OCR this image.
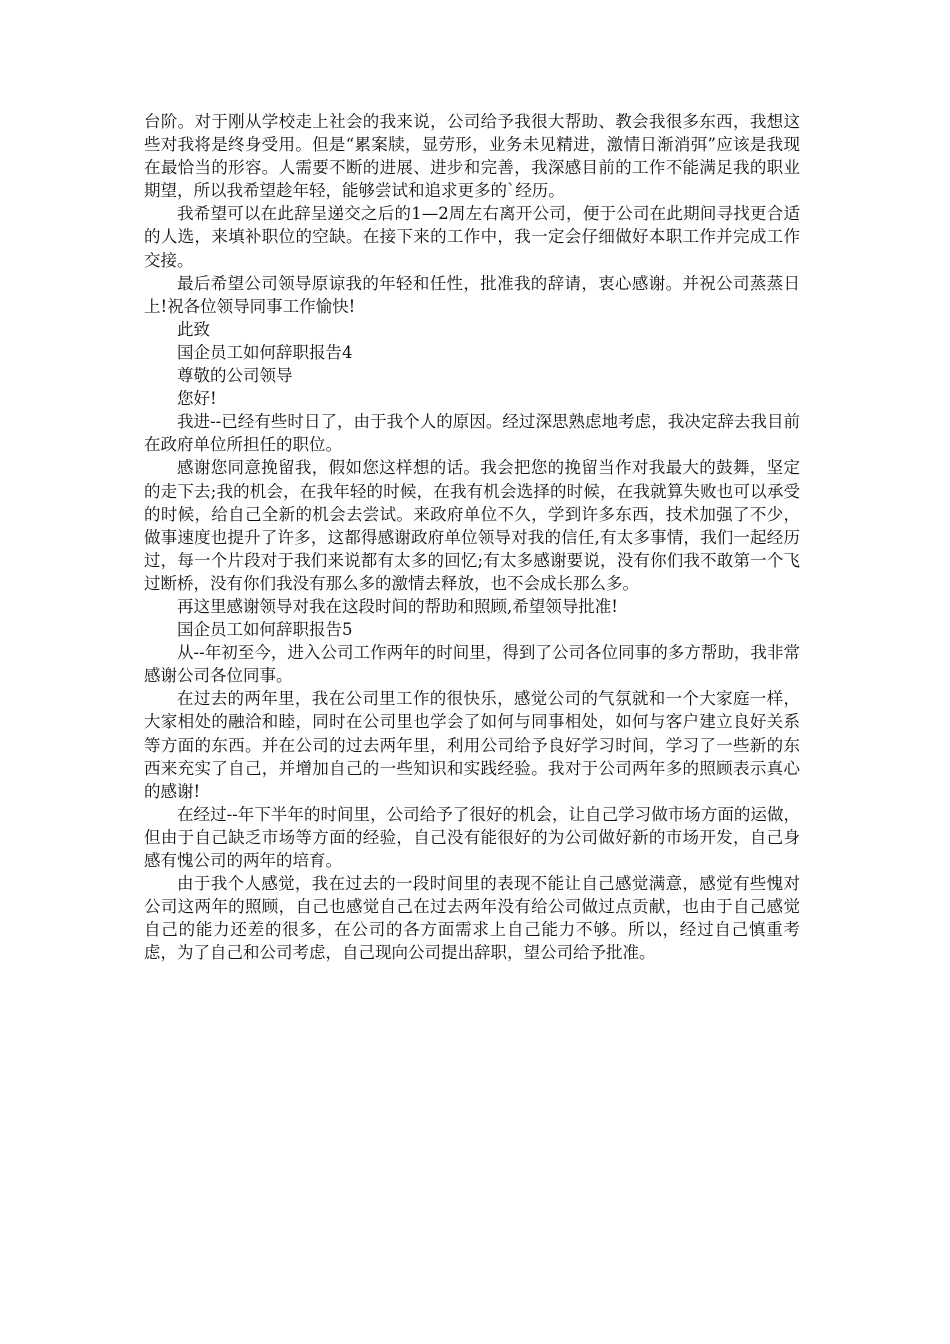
台阶。对于刚从学校走上社会的我来说，公司给予我很大帮助、教会我很多东西，我想这些对我将是终身受用。但是“累案牍，显劳形，业务未见精进，激情日渐消弭”应该是我现在最恰当的形容。人需要不断的进展、进步和完善，我深感目前的工作不能满足我的职业期望，所以我希望趁年轻，能够尝试和追求更多的`经历。

我希望可以在此辞呈递交之后的1—2周左右离开公司，便于公司在此期间寻找更合适的人选，来填补职位的空缺。在接下来的工作中，我一定会仔细做好本职工作并完成工作交接。

最后希望公司领导原谅我的年轻和任性，批准我的辞请，衷心感谢。并祝公司蒸蒸日上!祝各位领导同事工作愉快!

此致

国企员工如何辞职报告4

尊敬的公司领导

您好!

我进--已经有些时日了，由于我个人的原因。经过深思熟虑地考虑，我决定辞去我目前在政府单位所担任的职位。

感谢您同意挽留我，假如您这样想的话。我会把您的挽留当作对我最大的鼓舞，坚定的走下去;我的机会，在我年轻的时候，在我有机会选择的时候，在我就算失败也可以承受的时候，给自己全新的机会去尝试。来政府单位不久，学到许多东西，技术加强了不少，做事速度也提升了许多，这都得感谢政府单位领导对我的信任,有太多事情，我们一起经历过，每一个片段对于我们来说都有太多的回忆;有太多感谢要说，没有你们我不敢第一个飞过断桥，没有你们我没有那么多的激情去释放，也不会成长那么多。

再这里感谢领导对我在这段时间的帮助和照顾,希望领导批准!

国企员工如何辞职报告5

从--年初至今，进入公司工作两年的时间里，得到了公司各位同事的多方帮助，我非常感谢公司各位同事。

在过去的两年里，我在公司里工作的很快乐，感觉公司的气氛就和一个大家庭一样，大家相处的融洽和睦，同时在公司里也学会了如何与同事相处，如何与客户建立良好关系等方面的东西。并在公司的过去两年里，利用公司给予良好学习时间，学习了一些新的东西来充实了自己，并增加自己的一些知识和实践经验。我对于公司两年多的照顾表示真心的感谢!

在经过--年下半年的时间里，公司给予了很好的机会，让自己学习做市场方面的运做，但由于自己缺乏市场等方面的经验，自己没有能很好的为公司做好新的市场开发，自己身感有愧公司的两年的培育。

由于我个人感觉，我在过去的一段时间里的表现不能让自己感觉满意，感觉有些愧对公司这两年的照顾，自己也感觉自己在过去两年没有给公司做过点贡献，也由于自己感觉自己的能力还差的很多，在公司的各方面需求上自己能力不够。所以，经过自己慎重考虑，为了自己和公司考虑，自己现向公司提出辞职，望公司给予批准。
